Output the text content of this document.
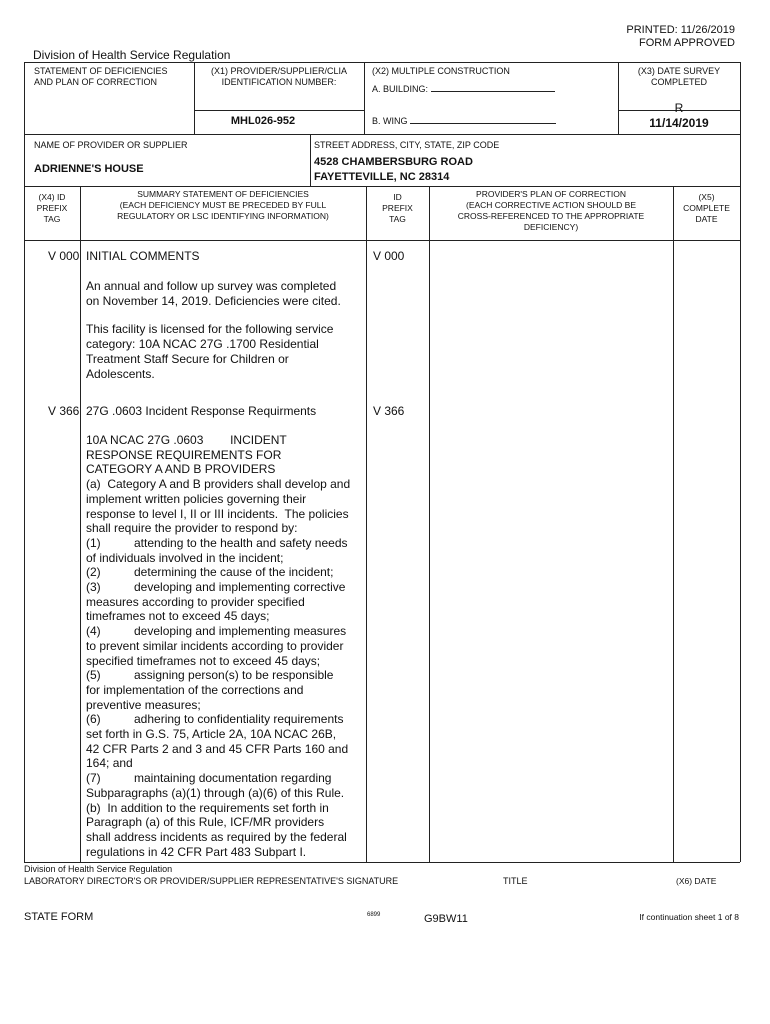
PRINTED: 11/26/2019
FORM APPROVED
Division of Health Service Regulation
STATEMENT OF DEFICIENCIES
AND PLAN OF CORRECTION
(X1) PROVIDER/SUPPLIER/CLIA
IDENTIFICATION NUMBER:
MHL026-952
(X2) MULTIPLE CONSTRUCTION
A. BUILDING:
B. WING
(X3) DATE SURVEY
COMPLETED
R
11/14/2019
NAME OF PROVIDER OR SUPPLIER
ADRIENNE'S HOUSE
STREET ADDRESS, CITY, STATE, ZIP CODE
4528 CHAMBERSBURG ROAD
FAYETTEVILLE, NC 28314
(X4) ID
PREFIX
TAG
SUMMARY STATEMENT OF DEFICIENCIES
(EACH DEFICIENCY MUST BE PRECEDED BY FULL
REGULATORY OR LSC IDENTIFYING INFORMATION)
ID
PREFIX
TAG
PROVIDER'S PLAN OF CORRECTION
(EACH CORRECTIVE ACTION SHOULD BE
CROSS-REFERENCED TO THE APPROPRIATE
DEFICIENCY)
(X5)
COMPLETE
DATE
V 000 INITIAL COMMENTS	V 000
An annual and follow up survey was completed
on November 14, 2019. Deficiencies were cited.
This facility is licensed for the following service
category: 10A NCAC 27G .1700 Residential
Treatment Staff Secure for Children or
Adolescents.
V 366 27G .0603 Incident Response Requirments	V 366
10A NCAC 27G .0603        INCIDENT
RESPONSE REQUIREMENTS FOR
CATEGORY A AND B PROVIDERS
(a)  Category A and B providers shall develop and
implement written policies governing their
response to level I, II or III incidents.  The policies
shall require the provider to respond by:
(1)          attending to the health and safety needs
of individuals involved in the incident;
(2)          determining the cause of the incident;
(3)          developing and implementing corrective
measures according to provider specified
timeframes not to exceed 45 days;
(4)          developing and implementing measures
to prevent similar incidents according to provider
specified timeframes not to exceed 45 days;
(5)          assigning person(s) to be responsible
for implementation of the corrections and
preventive measures;
(6)          adhering to confidentiality requirements
set forth in G.S. 75, Article 2A, 10A NCAC 26B,
42 CFR Parts 2 and 3 and 45 CFR Parts 160 and
164; and
(7)          maintaining documentation regarding
Subparagraphs (a)(1) through (a)(6) of this Rule.
(b)  In addition to the requirements set forth in
Paragraph (a) of this Rule, ICF/MR providers
shall address incidents as required by the federal
regulations in 42 CFR Part 483 Subpart I.
Division of Health Service Regulation
LABORATORY DIRECTOR'S OR PROVIDER/SUPPLIER REPRESENTATIVE'S SIGNATURE	TITLE	(X6) DATE
STATE FORM	6899	G9BW11	If continuation sheet 1 of 8
